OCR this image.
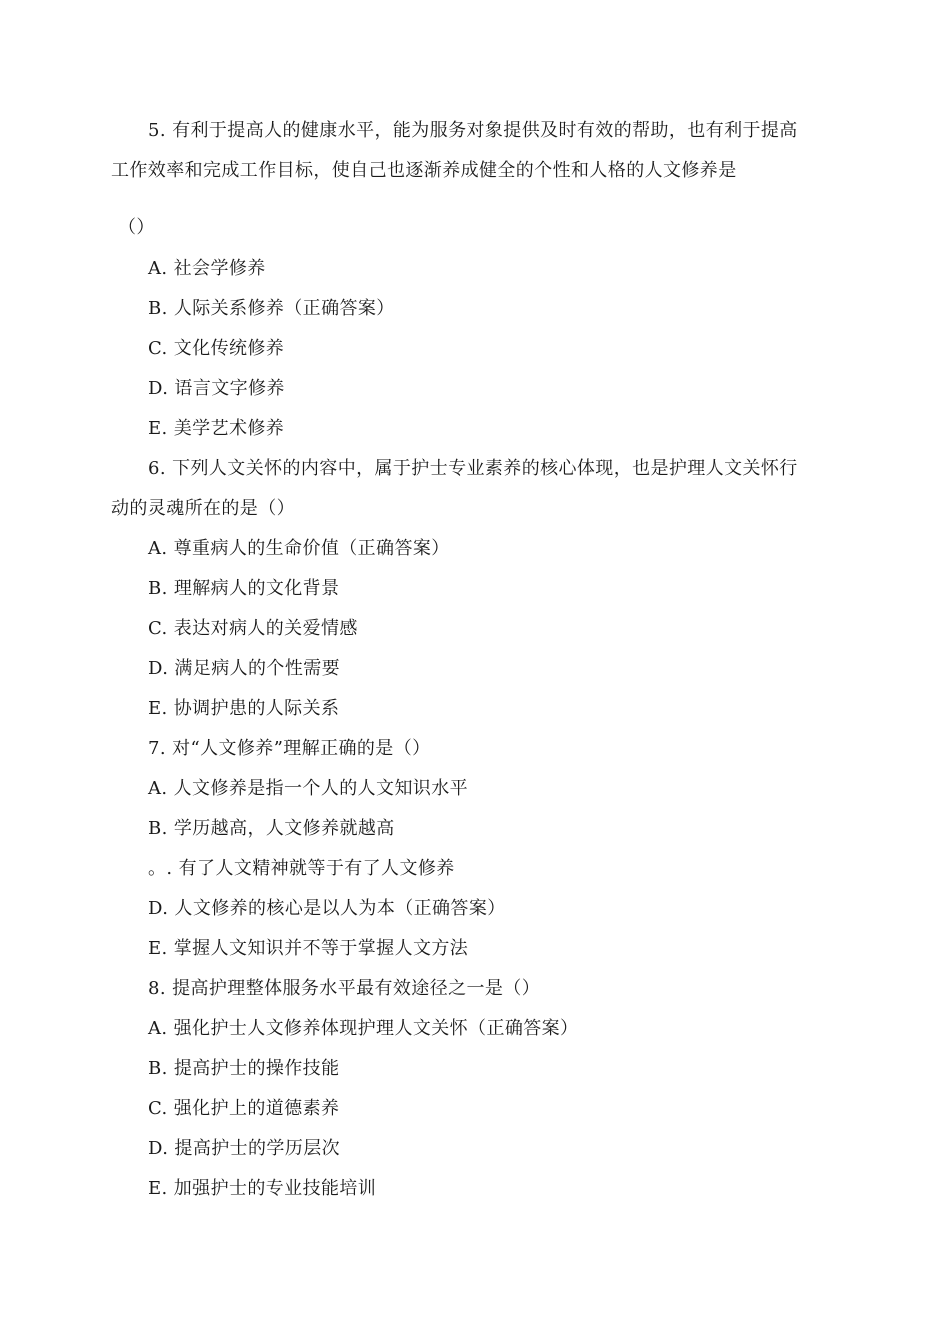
5. 有利于提高人的健康水平，能为服务对象提供及时有效的帮助，也有利于提高
工作效率和完成工作目标，使自己也逐渐养成健全的个性和人格的人文修养是
（）
A. 社会学修养
B. 人际关系修养（正确答案）
C. 文化传统修养
D. 语言文字修养
E. 美学艺术修养
6. 下列人文关怀的内容中，属于护士专业素养的核心体现，也是护理人文关怀行
动的灵魂所在的是（）
A. 尊重病人的生命价值（正确答案）
B. 理解病人的文化背景
C. 表达对病人的关爱情感
D. 满足病人的个性需要
E. 协调护患的人际关系
7. 对“人文修养”理解正确的是（）
A. 人文修养是指一个人的人文知识水平
B. 学历越高，人文修养就越高
。. 有了人文精神就等于有了人文修养
D. 人文修养的核心是以人为本（正确答案）
E. 掌握人文知识并不等于掌握人文方法
8. 提高护理整体服务水平最有效途径之一是（）
A. 强化护士人文修养体现护理人文关怀（正确答案）
B. 提高护士的操作技能
C. 强化护上的道德素养
D. 提高护士的学历层次
E. 加强护士的专业技能培训
